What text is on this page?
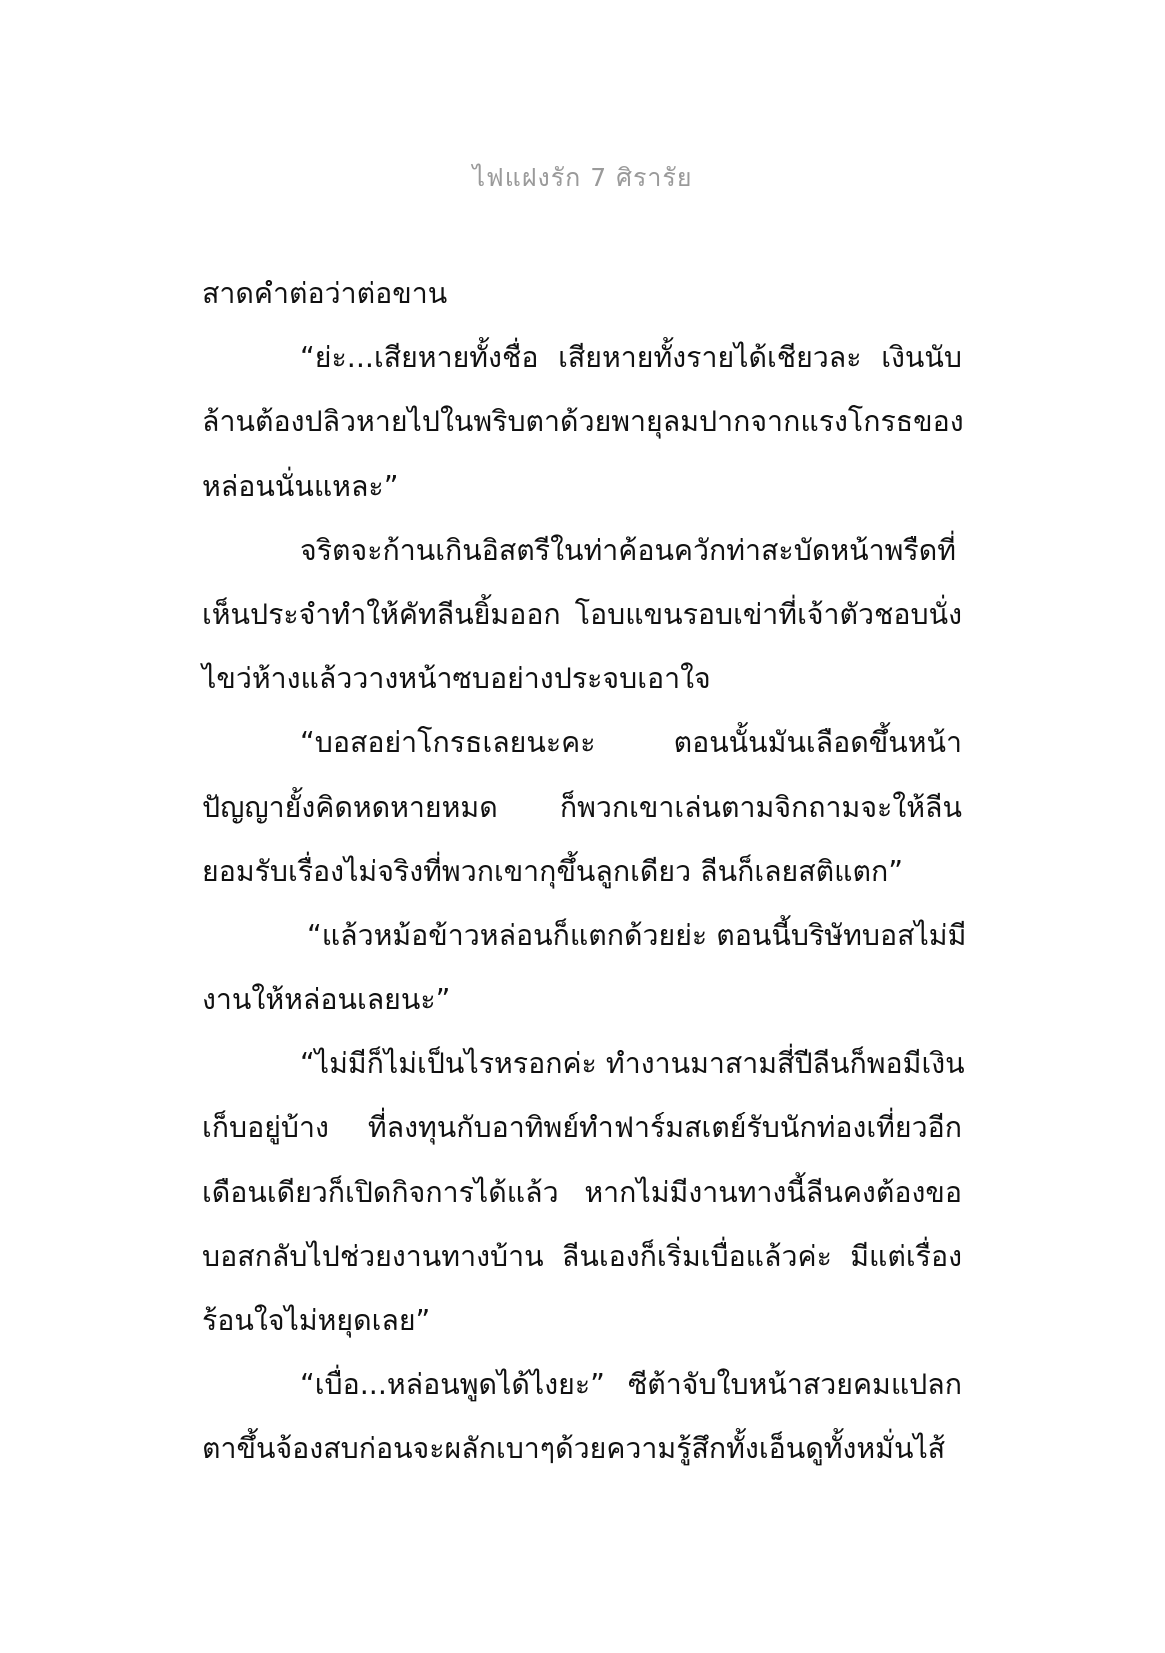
ไฟแฝงรัก 7 ศิรารัย
สาดคำต่อว่าต่อขาน
“ย่ะ...เสียหายทั้งชื่อ เสียหายทั้งรายได้เชียวละ เงินนับ
ล้านต้องปลิวหายไปในพริบตาด้วยพายุลมปากจากแรงโกรธของ
หล่อนนั่นแหละ”
จริตจะก้านเกินอิสตรีในท่าค้อนควักท่าสะบัดหน้าพรืดที่
เห็นประจำทำให้คัทลีนยิ้มออก โอบแขนรอบเข่าที่เจ้าตัวชอบนั่ง
ไขว่ห้างแล้ววางหน้าซบอย่างประจบเอาใจ
“บอสอย่าโกรธเลยนะคะ ตอนนั้นมันเลือดขึ้นหน้า
ปัญญายั้งคิดหดหายหมด ก็พวกเขาเล่นตามจิกถามจะให้ลีน
ยอมรับเรื่องไม่จริงที่พวกเขากุขึ้นลูกเดียว ลีนก็เลยสติแตก”
“แล้วหม้อข้าวหล่อนก็แตกด้วยย่ะ ตอนนี้บริษัทบอสไม่มี
งานให้หล่อนเลยนะ”
“ไม่มีก็ไม่เป็นไรหรอกค่ะ ทำงานมาสามสี่ปีลีนก็พอมีเงิน
เก็บอยู่บ้าง ที่ลงทุนกับอาทิพย์ทำฟาร์มสเตย์รับนักท่องเที่ยวอีก
เดือนเดียวก็เปิดกิจการได้แล้ว หากไม่มีงานทางนี้ลีนคงต้องขอ
บอสกลับไปช่วยงานทางบ้าน ลีนเองก็เริ่มเบื่อแล้วค่ะ มีแต่เรื่อง
ร้อนใจไม่หยุดเลย”
“เบื่อ...หล่อนพูดได้ไงยะ” ซีต้าจับใบหน้าสวยคมแปลก
ตาขึ้นจ้องสบก่อนจะผลักเบาๆด้วยความรู้สึกทั้งเอ็นดูทั้งหมั่นไส้
